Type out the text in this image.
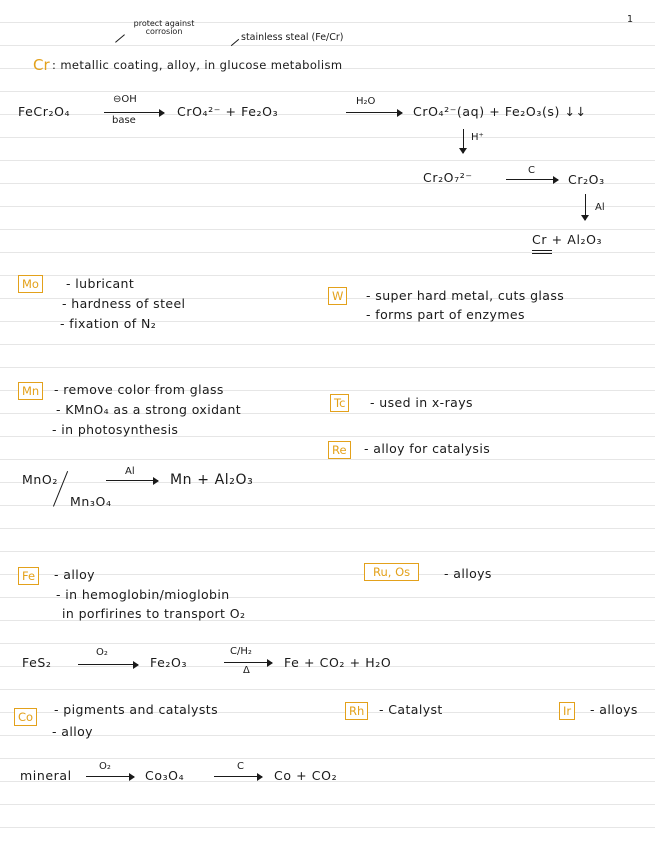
1
protect against corrosion
stainless steal (Fe/Cr)
Cr : metallic coating, alloy, in glucose metabolism
FeCr₂O₄
⊖OH
base
CrO₄²⁻ + Fe₂O₃
H₂O
→ CrO₄²⁻(aq) + Fe₂O₃(s) ↓↓
H⁺
Cr₂O₇²⁻	C
→ Cr₂O₃
Al
Cr + Al₂O₃
Mo	- lubricant
- hardness of steel
- fixation of N₂
W	- super hard metal, cuts glass
- forms part of enzymes
Mn	- remove color from glass
- KMnO₄ as a strong oxidant
- in photosynthesis
MnO₂
Mn₃O₄
Al
→ Mn + Al₂O₃
Tc	- used in x-rays
Re	- alloy for catalysis
Fe	- alloy
- in hemoglobin/mioglobin
in porfirines to transport O₂
FeS₂
O₂
→ Fe₂O₃
C/H₂
Δ
Fe + CO₂ + H₂O
Ru, Os	- alloys
Co	- pigments and catalysts
- alloy
mineral
O₂
→ Co₃O₄
C
→ Co + CO₂
Rh	- Catalyst	Ir	- alloys
